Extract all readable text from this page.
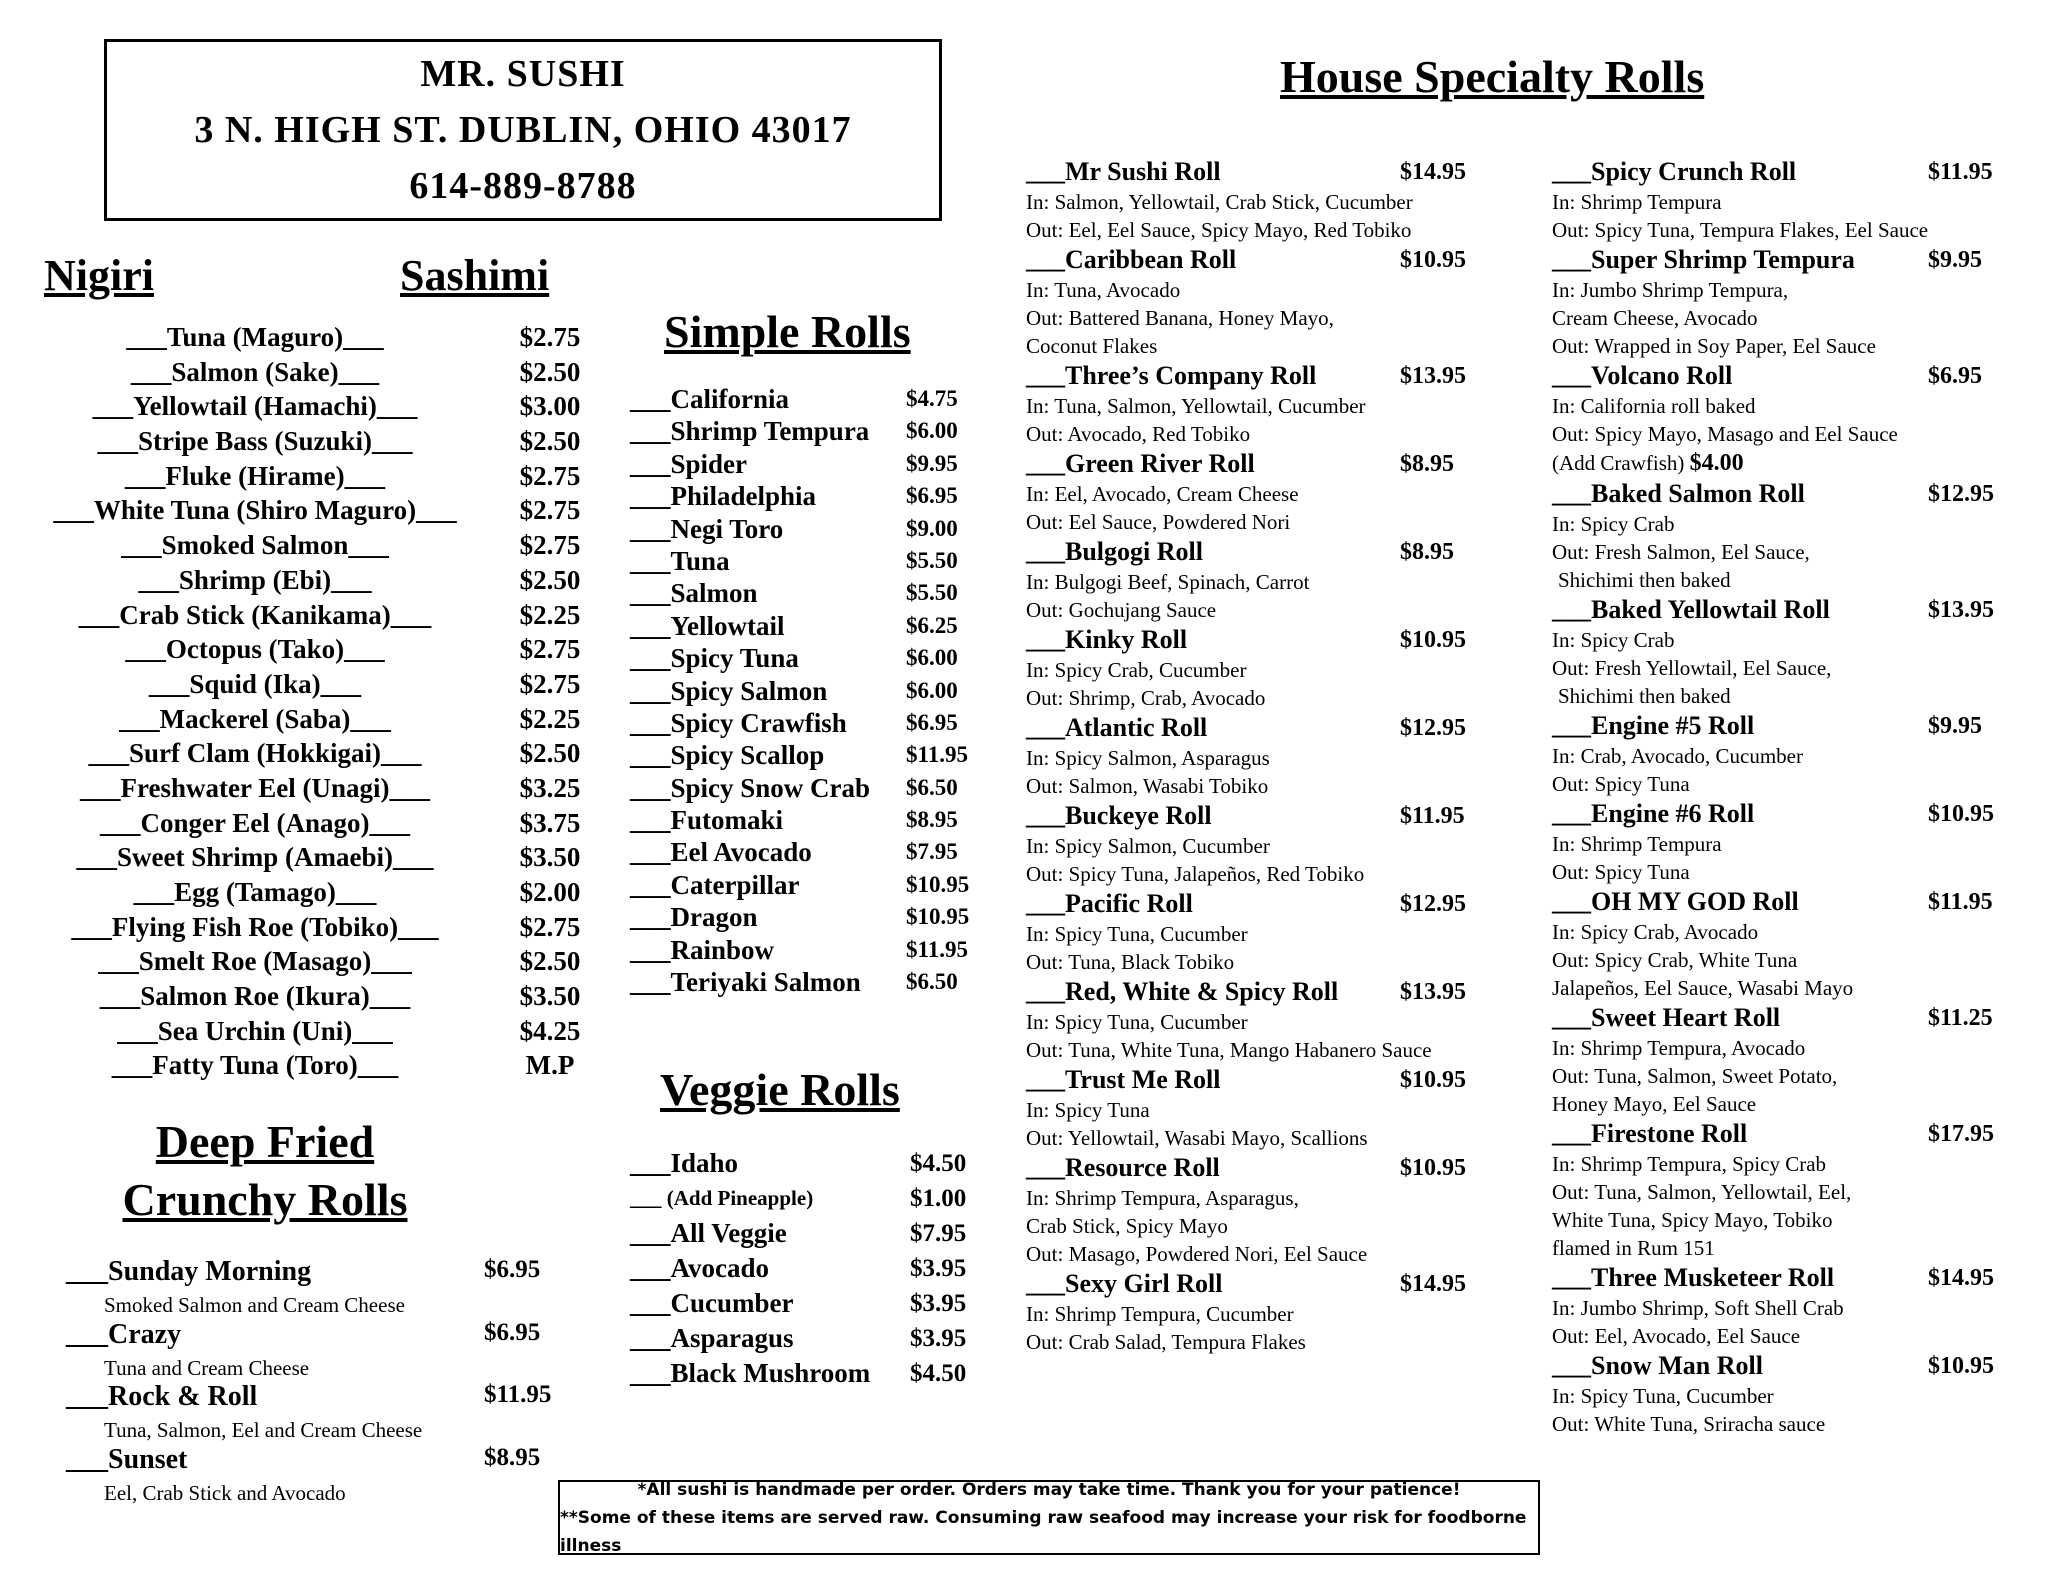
MR. SUSHI
3 N. HIGH ST. DUBLIN, OHIO 43017
614-889-8788
Nigiri	Sashimi
___Tuna (Maguro)___	$2.75
___Salmon (Sake)___	$2.50
___Yellowtail (Hamachi)___	$3.00
___Stripe Bass (Suzuki)___	$2.50
___Fluke (Hirame)___	$2.75
___White Tuna (Shiro Maguro)___	$2.75
___Smoked Salmon___	$2.75
___Shrimp (Ebi)___	$2.50
___Crab Stick (Kanikama)___	$2.25
___Octopus (Tako)___	$2.75
___Squid (Ika)___	$2.75
___Mackerel (Saba)___	$2.25
___Surf Clam (Hokkigai)___	$2.50
___Freshwater Eel (Unagi)___	$3.25
___Conger Eel (Anago)___	$3.75
___Sweet Shrimp (Amaebi)___	$3.50
___Egg (Tamago)___	$2.00
___Flying Fish Roe (Tobiko)___	$2.75
___Smelt Roe (Masago)___	$2.50
___Salmon Roe (Ikura)___	$3.50
___Sea Urchin (Uni)___	$4.25
___Fatty Tuna (Toro)___	M.P
Deep Fried
Crunchy Rolls
___Sunday Morning	$6.95
Smoked Salmon and Cream Cheese
___Crazy	$6.95
Tuna and Cream Cheese
___Rock & Roll	$11.95
Tuna, Salmon, Eel and Cream Cheese
___Sunset	$8.95
Eel, Crab Stick and Avocado
Simple Rolls
___California	$4.75
___Shrimp Tempura $6.00
___Spider	$9.95
___Philadelphia	$6.95
___Negi Toro	$9.00
___Tuna	$5.50
___Salmon	$5.50
___Yellowtail	$6.25
___Spicy Tuna	$6.00
___Spicy Salmon	$6.00
___Spicy Crawfish	$6.95
___Spicy Scallop	$11.95
___Spicy Snow Crab $6.50
___Futomaki	$8.95
___Eel Avocado	$7.95
___Caterpillar	$10.95
___Dragon	$10.95
___Rainbow	$11.95
___Teriyaki Salmon $6.50
Veggie Rolls
___Idaho	$4.50
___ (Add Pineapple)	$1.00
___All Veggie	$7.95
___Avocado	$3.95
___Cucumber	$3.95
___Asparagus	$3.95
___Black Mushroom $4.50
House Specialty Rolls
___Mr Sushi Roll	$14.95
In: Salmon, Yellowtail, Crab Stick, Cucumber
Out: Eel, Eel Sauce, Spicy Mayo, Red Tobiko
___Caribbean Roll	$10.95
In: Tuna, Avocado
Out: Battered Banana, Honey Mayo,
Coconut Flakes
___Three’s Company Roll	$13.95
In: Tuna, Salmon, Yellowtail, Cucumber
Out: Avocado, Red Tobiko
___Green River Roll	$8.95
In: Eel, Avocado, Cream Cheese
Out: Eel Sauce, Powdered Nori
___Bulgogi Roll	$8.95
In: Bulgogi Beef, Spinach, Carrot
Out: Gochujang Sauce
___Kinky Roll	$10.95
In: Spicy Crab, Cucumber
Out: Shrimp, Crab, Avocado
___Atlantic Roll	$12.95
In: Spicy Salmon, Asparagus
Out: Salmon, Wasabi Tobiko
___Buckeye Roll	$11.95
In: Spicy Salmon, Cucumber
Out: Spicy Tuna, Jalapeños, Red Tobiko
___Pacific Roll	$12.95
In: Spicy Tuna, Cucumber
Out: Tuna, Black Tobiko
___Red, White & Spicy Roll	$13.95
In: Spicy Tuna, Cucumber
Out: Tuna, White Tuna, Mango Habanero Sauce
___Trust Me Roll	$10.95
In: Spicy Tuna
Out: Yellowtail, Wasabi Mayo, Scallions
___Resource Roll	$10.95
In: Shrimp Tempura, Asparagus,
Crab Stick, Spicy Mayo
Out: Masago, Powdered Nori, Eel Sauce
___Sexy Girl Roll	$14.95
In: Shrimp Tempura, Cucumber
Out: Crab Salad, Tempura Flakes
___Spicy Crunch Roll	$11.95
In: Shrimp Tempura
Out: Spicy Tuna, Tempura Flakes, Eel Sauce
___Super Shrimp Tempura	$9.95
In: Jumbo Shrimp Tempura,
Cream Cheese, Avocado
Out: Wrapped in Soy Paper, Eel Sauce
___Volcano Roll	$6.95
In: California roll baked
Out: Spicy Mayo, Masago and Eel Sauce
(Add Crawfish) $4.00
___Baked Salmon Roll	$12.95
In: Spicy Crab
Out: Fresh Salmon, Eel Sauce,
Shichimi then baked
___Baked Yellowtail Roll	$13.95
In: Spicy Crab
Out: Fresh Yellowtail, Eel Sauce,
Shichimi then baked
___Engine #5 Roll	$9.95
In: Crab, Avocado, Cucumber
Out: Spicy Tuna
___Engine #6 Roll	$10.95
In: Shrimp Tempura
Out: Spicy Tuna
___OH MY GOD Roll	$11.95
In: Spicy Crab, Avocado
Out: Spicy Crab, White Tuna
Jalapeños, Eel Sauce, Wasabi Mayo
___Sweet Heart Roll	$11.25
In: Shrimp Tempura, Avocado
Out: Tuna, Salmon, Sweet Potato,
Honey Mayo, Eel Sauce
___Firestone Roll	$17.95
In: Shrimp Tempura, Spicy Crab
Out: Tuna, Salmon, Yellowtail, Eel,
White Tuna, Spicy Mayo, Tobiko
flamed in Rum 151
___Three Musketeer Roll	$14.95
In: Jumbo Shrimp, Soft Shell Crab
Out: Eel, Avocado, Eel Sauce
___Snow Man Roll	$10.95
In: Spicy Tuna, Cucumber
Out: White Tuna, Sriracha sauce
*All sushi is handmade per order. Orders may take time. Thank you for your patience!
**Some of these items are served raw. Consuming raw seafood may increase your risk for foodborne illness
